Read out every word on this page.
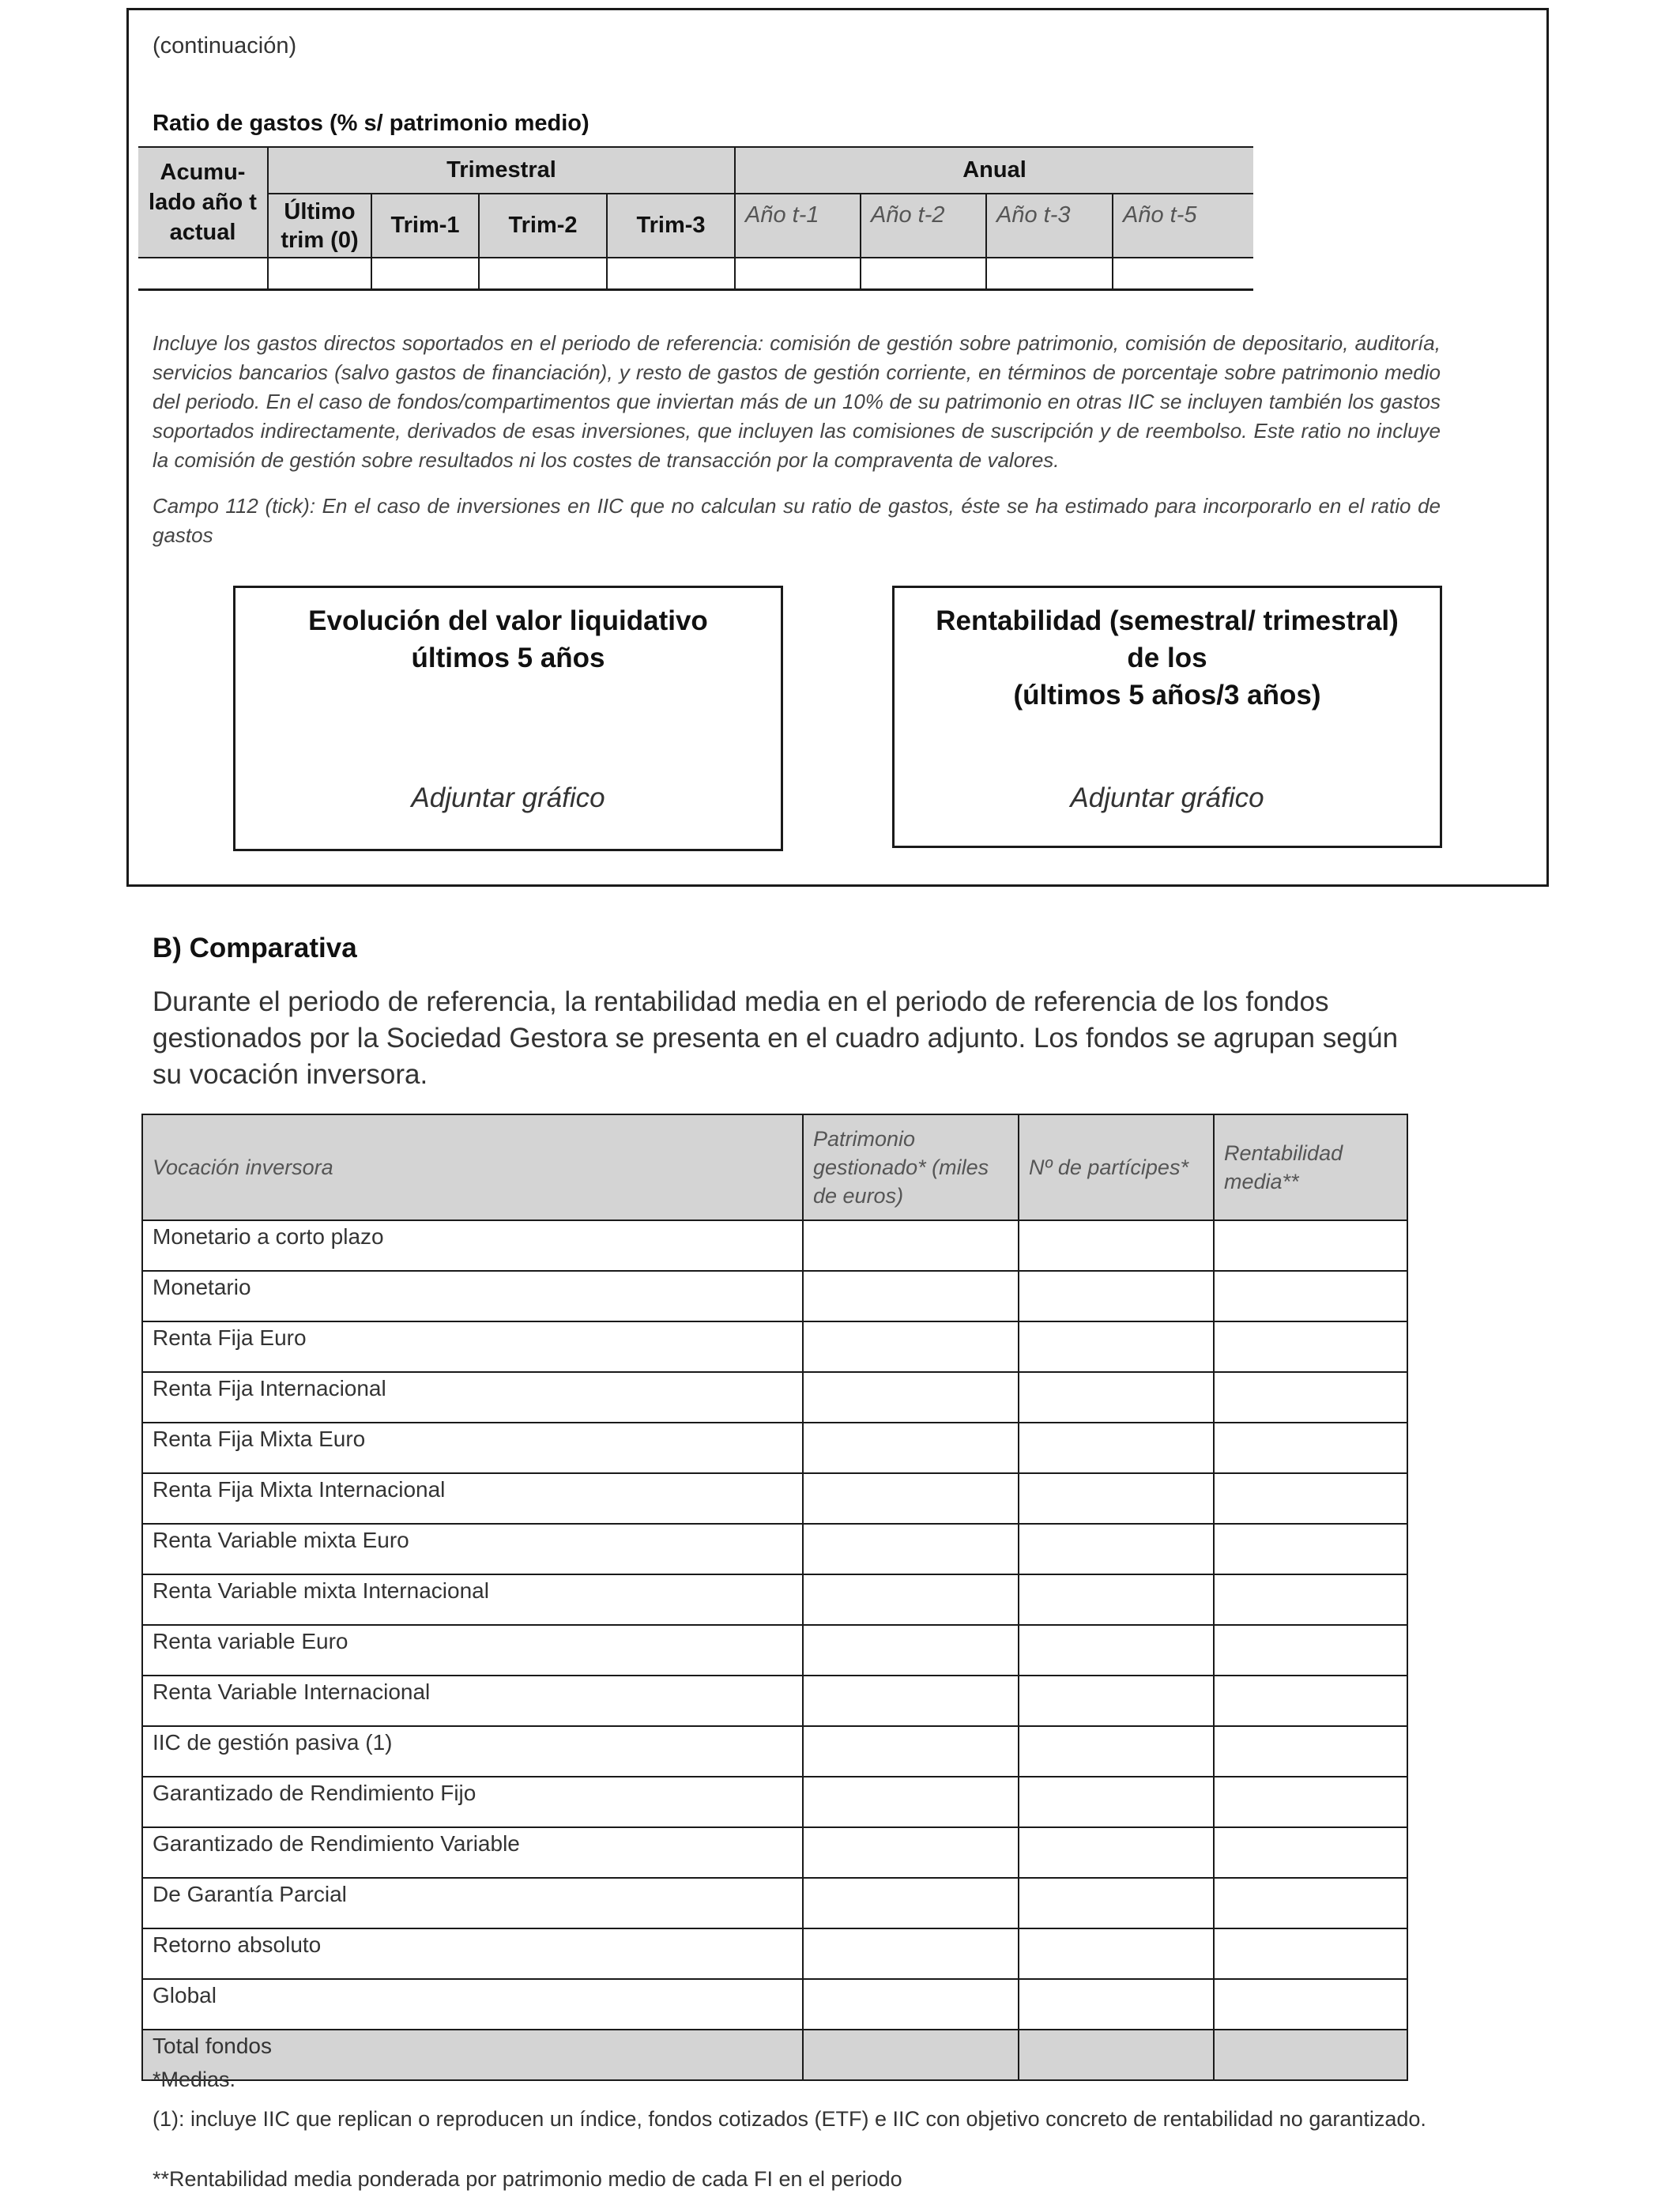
(continuación)
Ratio de gastos (% s/ patrimonio medio)
Acumu- lado año t actual	Trimestral				Anual			
	Último trim (0)	Trim-1	Trim-2	Trim-3	Año t-1	Año t-2	Año t-3	Año t-5

Incluye los gastos directos soportados en el periodo de referencia: comisión de gestión sobre patrimonio, comisión de depositario, auditoría, servicios bancarios (salvo gastos de financiación), y resto de gastos de gestión corriente, en términos de porcentaje sobre patrimonio medio del periodo. En el caso de fondos/compartimentos que inviertan más de un 10% de su patrimonio en otras IIC se incluyen también los gastos soportados indirectamente, derivados de esas inversiones, que incluyen las comisiones de suscripción y de reembolso. Este ratio no incluye la comisión de gestión sobre resultados ni los costes de transacción por la compraventa de valores.
Campo 112 (tick): En el caso de inversiones en IIC que no calculan su ratio de gastos, éste se ha estimado para incorporarlo en el ratio de gastos
Evolución del valor liquidativo
últimos 5 años
Adjuntar gráfico
Rentabilidad (semestral/ trimestral)
de los
(últimos 5 años/3 años)
Adjuntar gráfico
B) Comparativa
Durante el periodo de referencia, la rentabilidad media en el periodo de referencia de los fondos gestionados por la Sociedad Gestora se presenta en el cuadro adjunto. Los fondos se agrupan según su vocación inversora.
Vocación inversora	Patrimonio gestionado* (miles de euros)	Nº de partícipes*	Rentabilidad media**
Monetario a corto plazo			
Monetario			
Renta Fija Euro			
Renta Fija Internacional			
Renta Fija Mixta Euro			
Renta Fija Mixta Internacional			
Renta Variable mixta Euro			
Renta Variable mixta Internacional			
Renta variable Euro			
Renta Variable Internacional			
IIC de gestión pasiva (1)			
Garantizado de Rendimiento Fijo			
Garantizado de Rendimiento Variable			
De Garantía Parcial			
Retorno absoluto			
Global			
Total fondos			
*Medias.
(1): incluye IIC que replican o reproducen un índice, fondos cotizados (ETF) e IIC con objetivo concreto de rentabilidad no garantizado.
**Rentabilidad media ponderada por patrimonio medio de cada FI en el periodo
